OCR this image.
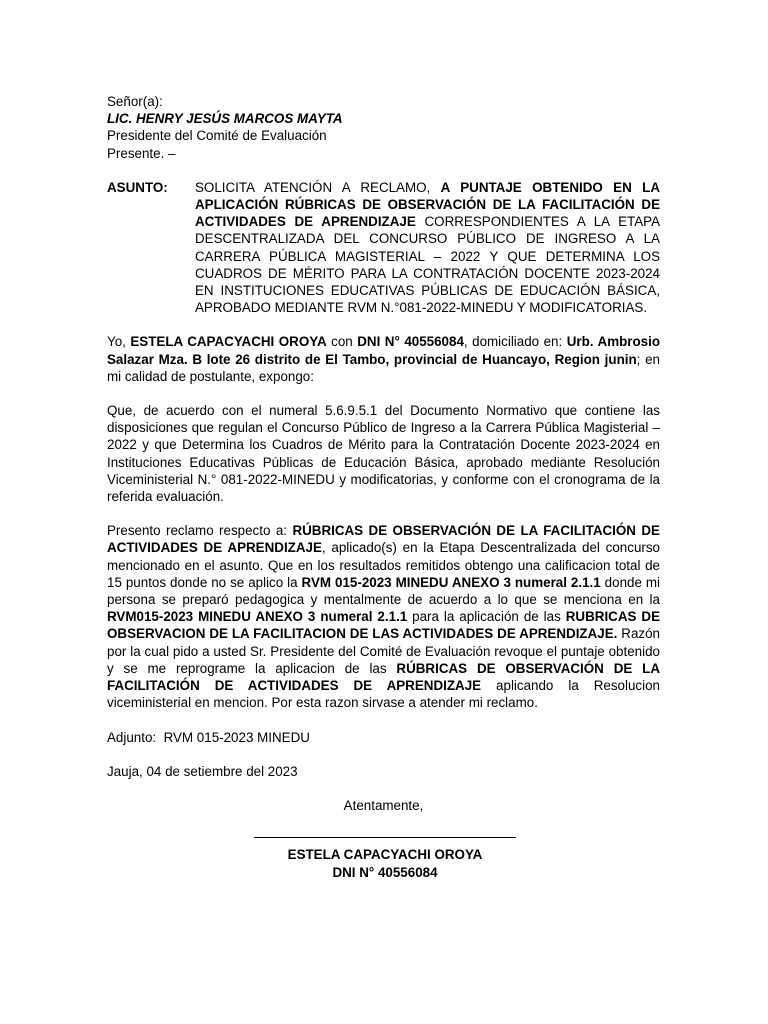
Señor(a):

LIC. HENRY JESÚS MARCOS MAYTA

Presidente del Comité de Evaluación

Presente. –

ASUNTO:	SOLICITA ATENCIÓN A RECLAMO, A PUNTAJE OBTENIDO EN LA APLICACIÓN RÚBRICAS DE OBSERVACIÓN DE LA FACILITACIÓN DE ACTIVIDADES DE APRENDIZAJE CORRESPONDIENTES A LA ETAPA DESCENTRALIZADA DEL CONCURSO PÚBLICO DE INGRESO A LA CARRERA PÚBLICA MAGISTERIAL – 2022 Y QUE DETERMINA LOS CUADROS DE MÉRITO PARA LA CONTRATACIÓN DOCENTE 2023-2024 EN INSTITUCIONES EDUCATIVAS PÚBLICAS DE EDUCACIÓN BÁSICA, APROBADO MEDIANTE RVM N.°081-2022-MINEDU Y MODIFICATORIAS.

Yo, ESTELA CAPACYACHI OROYA con DNI N° 40556084, domiciliado en: Urb. Ambrosio Salazar Mza. B lote 26 distrito de El Tambo, provincial de Huancayo, Region junin; en mi calidad de postulante, expongo:

Que, de acuerdo con el numeral 5.6.9.5.1 del Documento Normativo que contiene las disposiciones que regulan el Concurso Público de Ingreso a la Carrera Pública Magisterial – 2022 y que Determina los Cuadros de Mérito para la Contratación Docente 2023-2024 en Instituciones Educativas Públicas de Educación Básica, aprobado mediante Resolución Viceministerial N.° 081-2022-MINEDU y modificatorias, y conforme con el cronograma de la referida evaluación.

Presento reclamo respecto a: RÚBRICAS DE OBSERVACIÓN DE LA FACILITACIÓN DE ACTIVIDADES DE APRENDIZAJE, aplicado(s) en la Etapa Descentralizada del concurso mencionado en el asunto. Que en los resultados remitidos obtengo una calificacion total de 15 puntos donde no se aplico la RVM 015-2023 MINEDU ANEXO 3 numeral 2.1.1 donde mi persona se preparó pedagogica y mentalmente de acuerdo a lo que se menciona en la RVM015-2023 MINEDU ANEXO 3 numeral 2.1.1 para la aplicación de las RUBRICAS DE OBSERVACION DE LA FACILITACION DE LAS ACTIVIDADES DE APRENDIZAJE. Razón por la cual pido a usted Sr. Presidente del Comité de Evaluación revoque el puntaje obtenido y se me reprograme la aplicacion de las RÚBRICAS DE OBSERVACIÓN DE LA FACILITACIÓN DE ACTIVIDADES DE APRENDIZAJE aplicando la Resolucion viceministerial en mencion. Por esta razon sirvase a atender mi reclamo.

Adjunto:  RVM 015-2023 MINEDU

Jauja, 04 de setiembre del 2023

Atentamente,

ESTELA CAPACYACHI OROYA
DNI N° 40556084
